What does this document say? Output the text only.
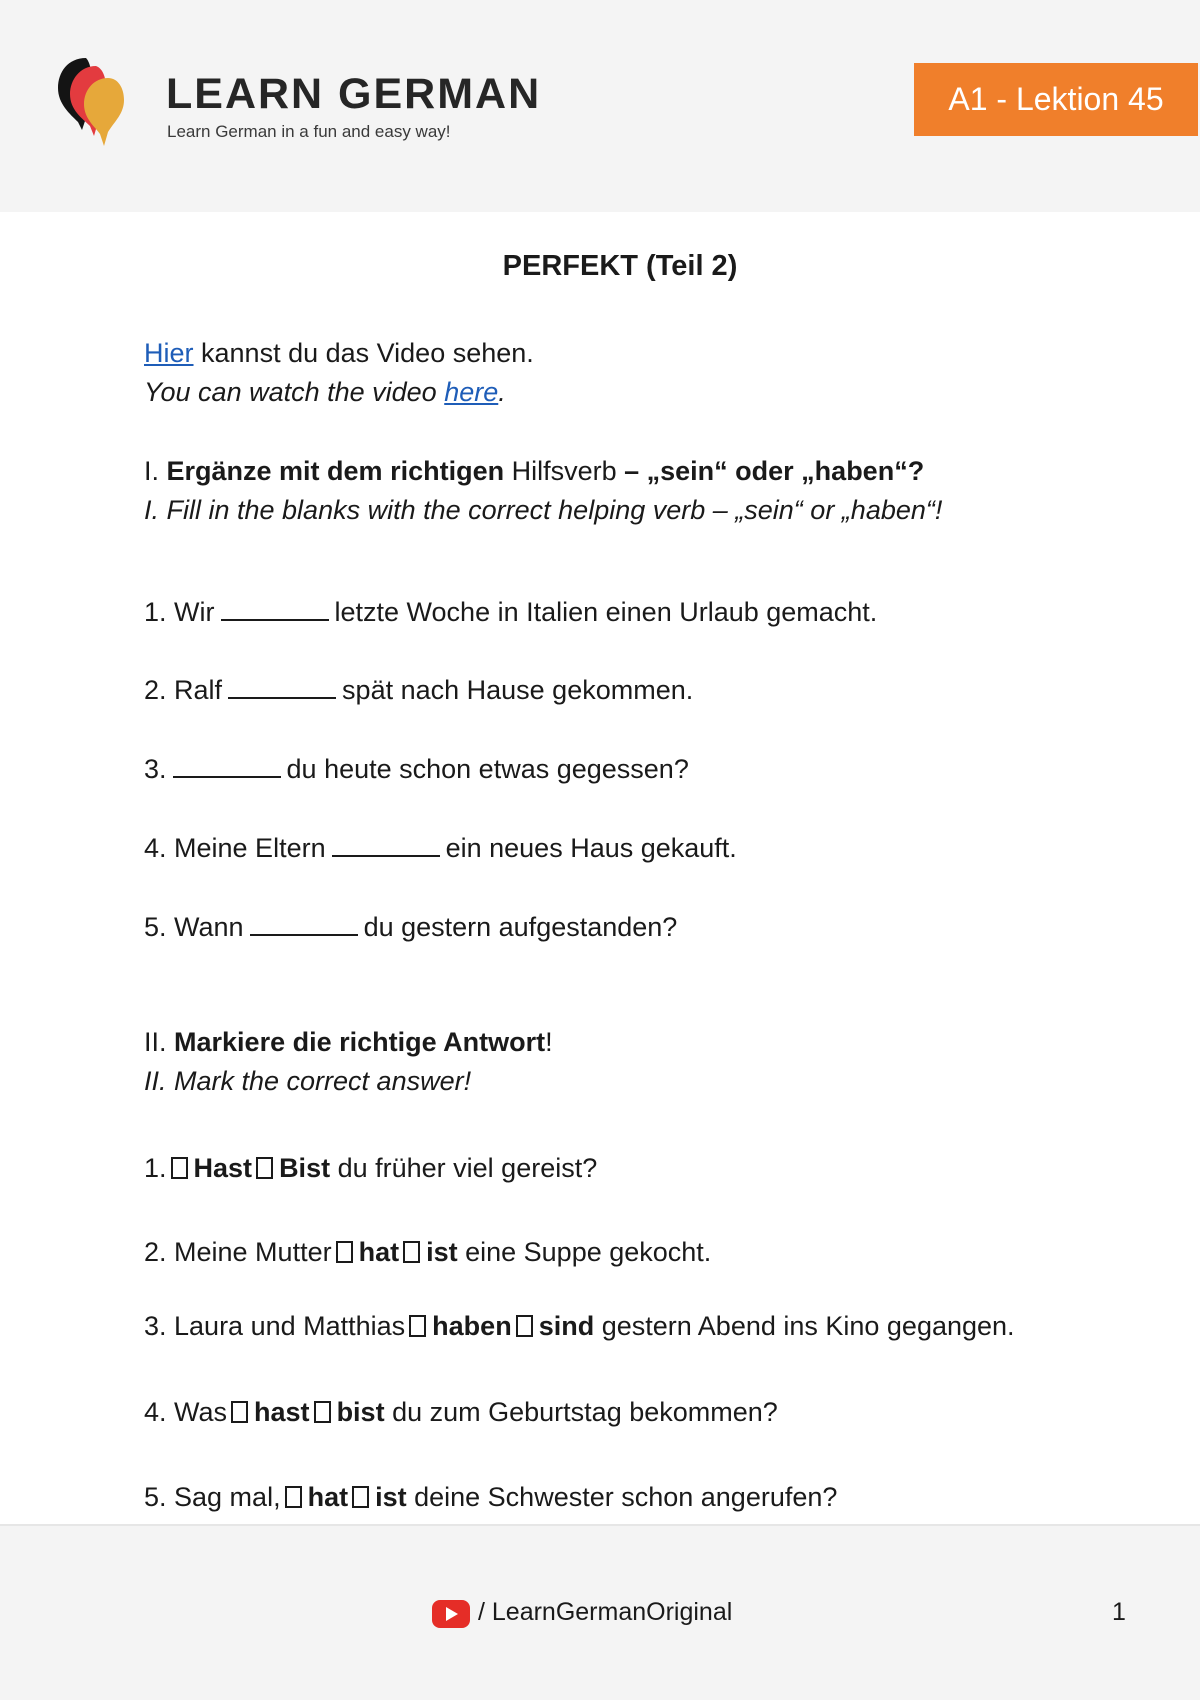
LEARN GERMAN
Learn German in a fun and easy way!
A1 - Lektion 45
PERFEKT (Teil 2)
Hier kannst du das Video sehen.
You can watch the video here.
I. Ergänze mit dem richtigen Hilfsverb – „sein“ oder „haben“?
I. Fill in the blanks with the correct helping verb – „sein“ or „haben“!
1. Wir	letzte Woche in Italien einen Urlaub gemacht.
2. Ralf	spät nach Hause gekommen.
3.	du heute schon etwas gegessen?
4. Meine Eltern	ein neues Haus gekauft.
5. Wann	du gestern aufgestanden?
II. Markiere die richtige Antwort!
II. Mark the correct answer!
1. Hast Bist du früher viel gereist?
2. Meine Mutter hat ist eine Suppe gekocht.
3. Laura und Matthias haben sind gestern Abend ins Kino gegangen.
4. Was hast bist du zum Geburtstag bekommen?
5. Sag mal, hat ist deine Schwester schon angerufen?
/ LearnGermanOriginal	1
